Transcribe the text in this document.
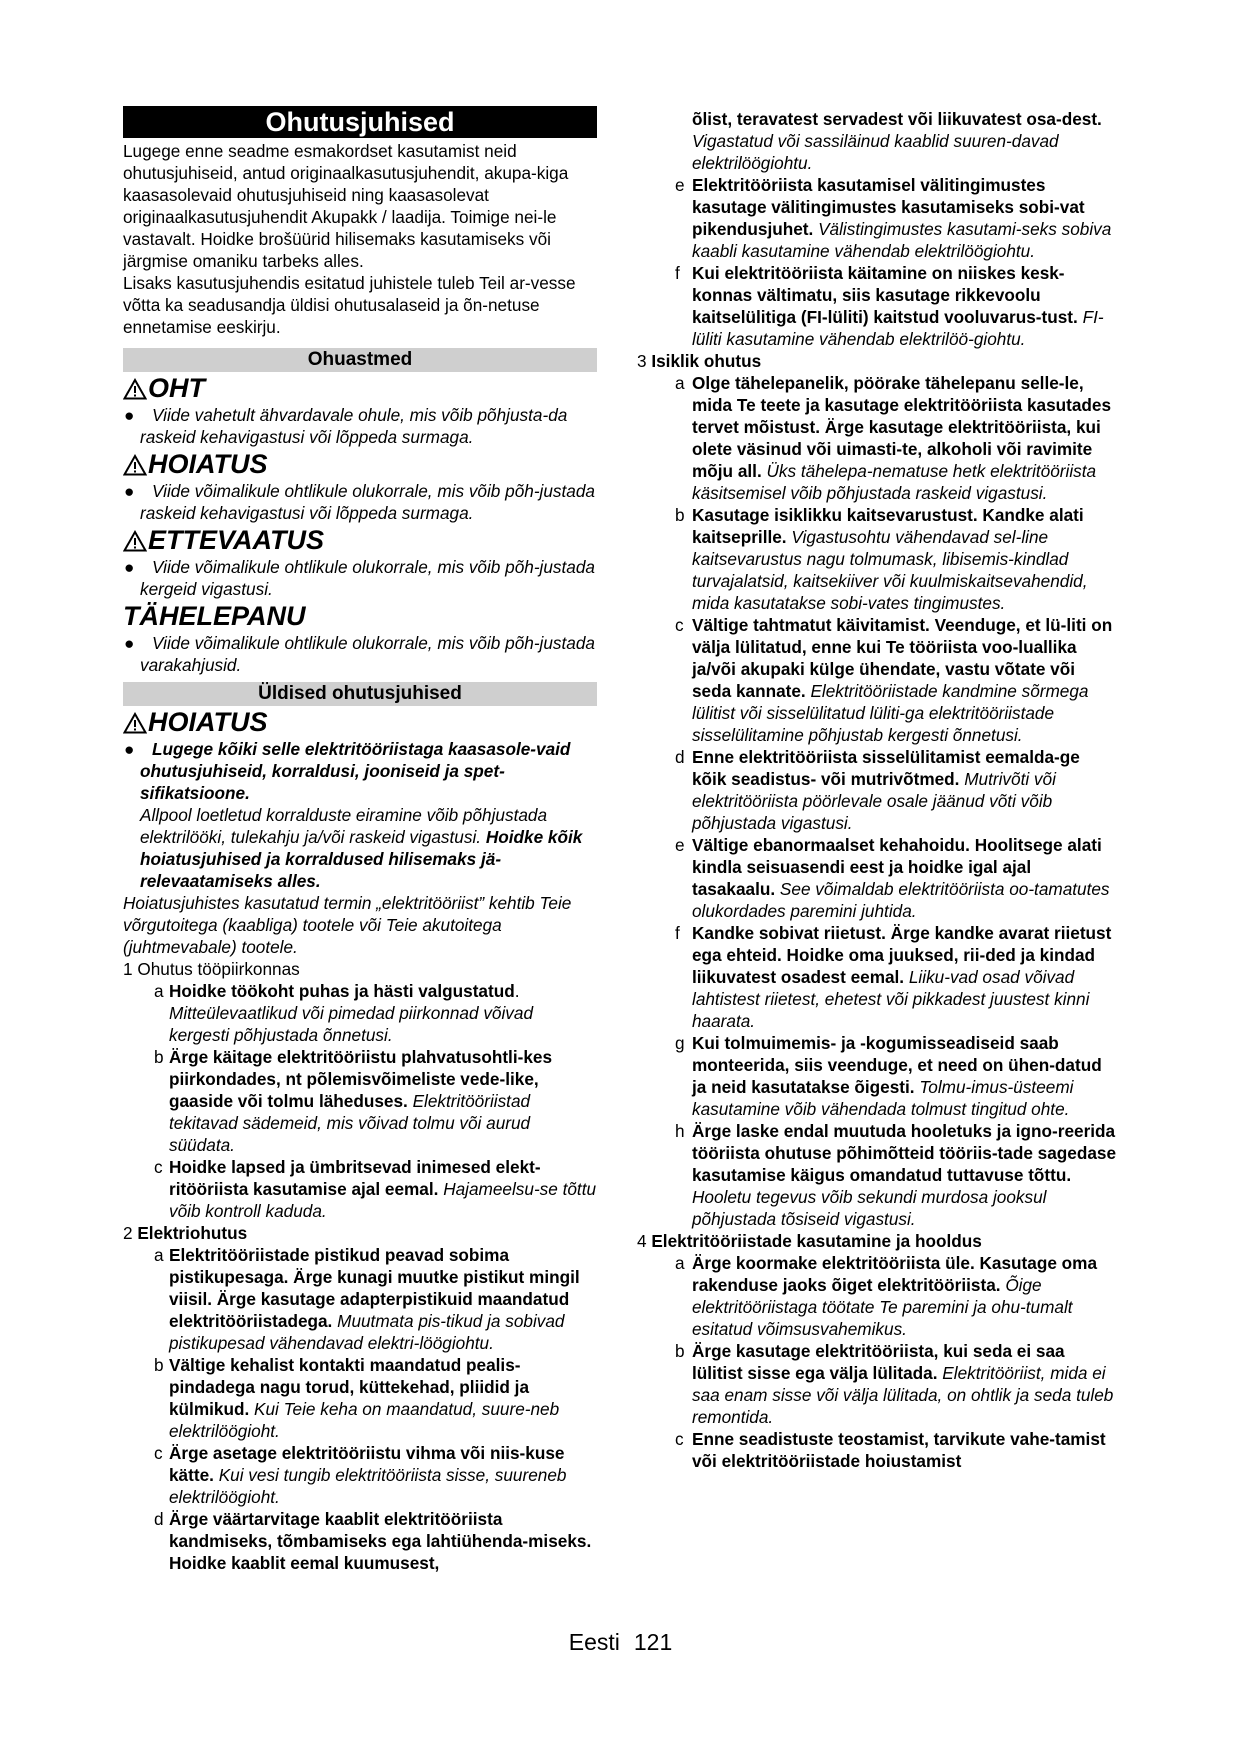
Ohutusjuhised

Lugege enne seadme esmakordset kasutamist neid ohutusjuhiseid, antud originaalkasutusjuhendit, akupa-kiga kaasasolevaid ohutusjuhiseid ning kaasasolevat originaalkasutusjuhendit Akupakk / laadija. Toimige nei-le vastavalt. Hoidke brošüürid hilisemaks kasutamiseks või järgmise omaniku tarbeks alles.

Lisaks kasutusjuhendis esitatud juhistele tuleb Teil ar-vesse võtta ka seadusandja üldisi ohutusalaseid ja õn-netuse ennetamise eeskirju.

Ohuastmed
OHT
● Viide vahetult ähvardavale ohule, mis võib põhjusta-da raskeid kehavigastusi või lõppeda surmaga.
HOIATUS
● Viide võimalikule ohtlikule olukorrale, mis võib põh-justada raskeid kehavigastusi või lõppeda surmaga.
ETTEVAATUS
● Viide võimalikule ohtlikule olukorrale, mis võib põh-justada kergeid vigastusi.
TÄHELEPANU
● Viide võimalikule ohtlikule olukorrale, mis võib põh-justada varakahjusid.
Üldised ohutusjuhised
HOIATUS
● Lugege kõiki selle elektritööriistaga kaasasole-vaid ohutusjuhiseid, korraldusi, jooniseid ja spet-sifikatsioone.
Allpool loetletud korralduste eiramine võib põhjustada elektrilööki, tulekahju ja/või raskeid vigastusi. Hoidke kõik hoiatusjuhised ja korraldused hilisemaks jä-relevaatamiseks alles.

Hoiatusjuhistes kasutatud termin „elektritööriist” kehtib Teie võrgutoitega (kaabliga) tootele või Teie akutoitega (juhtmevabale) tootele.

1 Ohutus tööpiirkonnas

a Hoidke töökoht puhas ja hästi valgustatud. Mitteülevaatlikud või pimedad piirkonnad võivad kergesti põhjustada õnnetusi.
b Ärge käitage elektritööriistu plahvatusohtli-kes piirkondades, nt põlemisvõimeliste vede-like, gaaside või tolmu läheduses. Elektritööriistad tekitavad sädemeid, mis võivad tolmu või aurud süüdata.
c Hoidke lapsed ja ümbritsevad inimesed elekt-ritööriista kasutamise ajal eemal. Hajameelsu-se tõttu võib kontroll kaduda.

2 Elektriohutus

a Elektritööriistade pistikud peavad sobima pistikupesaga. Ärge kunagi muutke pistikut mingil viisil. Ärge kasutage adapterpistikuid maandatud elektritööriistadega. Muutmata pis-tikud ja sobivad pistikupesad vähendavad elektri-löögiohtu.
b Vältige kehalist kontakti maandatud pealis-pindadega nagu torud, küttekehad, pliidid ja külmikud. Kui Teie keha on maandatud, suure-neb elektrilöögioht.
c Ärge asetage elektritööriistu vihma või niis-kuse kätte. Kui vesi tungib elektritööriista sisse, suureneb elektrilöögioht.
d Ärge väärtarvitage kaablit elektritööriista kandmiseks, tõmbamiseks ega lahtiühenda-miseks. Hoidke kaablit eemal kuumusest,
õlist, teravatest servadest või liikuvatest osa-dest. Vigastatud või sassiläinud kaablid suuren-davad elektrilöögiohtu.
e Elektritööriista kasutamisel välitingimustes kasutage välitingimustes kasutamiseks sobi-vat pikendusjuhet. Välistingimustes kasutami-seks sobiva kaabli kasutamine vähendab elektrilöögiohtu.
f Kui elektritööriista käitamine on niiskes kesk-konnas vältimatu, siis kasutage rikkevoolu kaitselülitiga (FI-lüliti) kaitstud vooluvarus-tust. FI-lüliti kasutamine vähendab elektrilöö-giohtu.

3 Isiklik ohutus

a Olge tähelepanelik, pöörake tähelepanu selle-le, mida Te teete ja kasutage elektritööriista kasutades tervet mõistust. Ärge kasutage elektritööriista, kui olete väsinud või uimasti-te, alkoholi või ravimite mõju all. Üks tähelepa-nematuse hetk elektritööriista käsitsemisel võib põhjustada raskeid vigastusi.
b Kasutage isiklikku kaitsevarustust. Kandke alati kaitseprille. Vigastusohtu vähendavad sel-line kaitsevarustus nagu tolmumask, libisemis-kindlad turvajalatsid, kaitsekiiver või kuulmiskaitsevahendid, mida kasutatakse sobi-vates tingimustes.
c Vältige tahtmatut käivitamist. Veenduge, et lü-liti on välja lülitatud, enne kui Te tööriista voo-luallika ja/või akupaki külge ühendate, vastu võtate või seda kannate. Elektritööriistade kandmine sõrmega lülitist või sisselülitatud lüliti-ga elektritööriistade sisselülitamine põhjustab kergesti õnnetusi.
d Enne elektritööriista sisselülitamist eemalda-ge kõik seadistus- või mutrivõtmed. Mutrivõti või elektritööriista pöörlevale osale jäänud võti võib põhjustada vigastusi.
e Vältige ebanormaalset kehahoidu. Hoolitsege alati kindla seisuasendi eest ja hoidke igal ajal tasakaalu. See võimaldab elektritööriista oo-tamatutes olukordades paremini juhtida.
f Kandke sobivat riietust. Ärge kandke avarat riietust ega ehteid. Hoidke oma juuksed, rii-ded ja kindad liikuvatest osadest eemal. Liiku-vad osad võivad lahtistest riietest, ehetest või pikkadest juustest kinni haarata.
g Kui tolmuimemis- ja -kogumisseadiseid saab monteerida, siis veenduge, et need on ühen-datud ja neid kasutatakse õigesti. Tolmu-imus-üsteemi kasutamine võib vähendada tolmust tingitud ohte.
h Ärge laske endal muutuda hooletuks ja igno-reerida tööriista ohutuse põhimõtteid tööriis-tade sagedase kasutamise käigus omandatud tuttavuse tõttu. Hooletu tegevus võib sekundi murdosa jooksul põhjustada tõsiseid vigastusi.

4 Elektritööriistade kasutamine ja hooldus

a Ärge koormake elektritööriista üle. Kasutage oma rakenduse jaoks õiget elektritööriista. Õige elektritööriistaga töötate Te paremini ja ohu-tumalt esitatud võimsusvahemikus.
b Ärge kasutage elektritööriista, kui seda ei saa lülitist sisse ega välja lülitada. Elektritööriist, mida ei saa enam sisse või välja lülitada, on ohtlik ja seda tuleb remontida.
c Enne seadistuste teostamist, tarvikute vahe-tamist või elektritööriistade hoiustamist
Eesti 121
